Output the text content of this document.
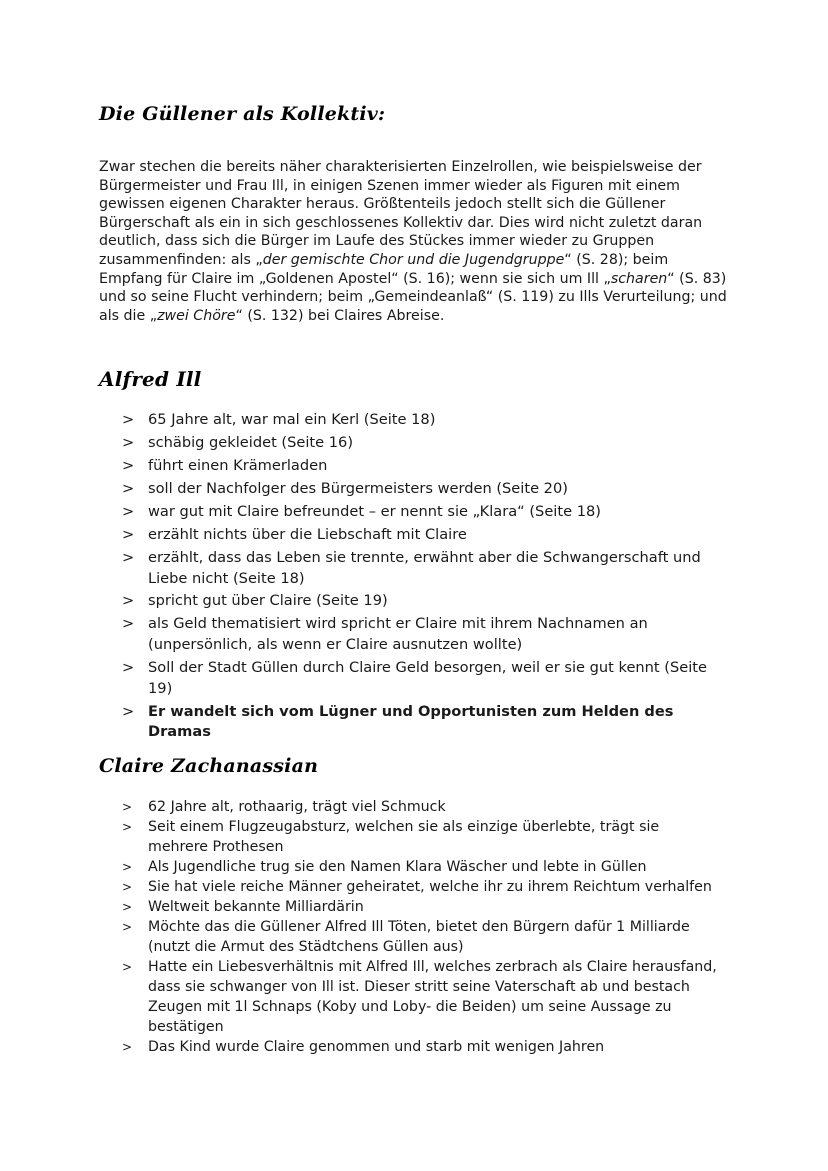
Die Güllener als Kollektiv:

Zwar stechen die bereits näher charakterisierten Einzelrollen, wie beispielsweise der Bürgermeister und Frau Ill, in einigen Szenen immer wieder als Figuren mit einem gewissen eigenen Charakter heraus. Größtenteils jedoch stellt sich die Güllener Bürgerschaft als ein in sich geschlossenes Kollektiv dar. Dies wird nicht zuletzt daran deutlich, dass sich die Bürger im Laufe des Stückes immer wieder zu Gruppen zusammenfinden: als „der gemischte Chor und die Jugendgruppe“ (S. 28); beim Empfang für Claire im „Goldenen Apostel“ (S. 16); wenn sie sich um Ill „scharen“ (S. 83) und so seine Flucht verhindern; beim „Gemeindeanlaß“ (S. 119) zu Ills Verurteilung; und als die „zwei Chöre“ (S. 132) bei Claires Abreise.

Alfred Ill
> 65 Jahre alt, war mal ein Kerl (Seite 18)
> schäbig gekleidet (Seite 16)
> führt einen Krämerladen
> soll der Nachfolger des Bürgermeisters werden (Seite 20)
> war gut mit Claire befreundet – er nennt sie „Klara“ (Seite 18)
> erzählt nichts über die Liebschaft mit Claire
> erzählt, dass das Leben sie trennte, erwähnt aber die Schwangerschaft und Liebe nicht (Seite 18)
> spricht gut über Claire (Seite 19)
> als Geld thematisiert wird spricht er Claire mit ihrem Nachnamen an (unpersönlich, als wenn er Claire ausnutzen wollte)
> Soll der Stadt Güllen durch Claire Geld besorgen, weil er sie gut kennt (Seite 19)
> Er wandelt sich vom Lügner und Opportunisten zum Helden des Dramas
Claire Zachanassian
> 62 Jahre alt, rothaarig, trägt viel Schmuck
> Seit einem Flugzeugabsturz, welchen sie als einzige überlebte, trägt sie mehrere Prothesen
> Als Jugendliche trug sie den Namen Klara Wäscher und lebte in Güllen
> Sie hat viele reiche Männer geheiratet, welche ihr zu ihrem Reichtum verhalfen
> Weltweit bekannte Milliardärin
> Möchte das die Güllener Alfred Ill Töten, bietet den Bürgern dafür 1 Milliarde (nutzt die Armut des Städtchens Güllen aus)
> Hatte ein Liebesverhältnis mit Alfred Ill, welches zerbrach als Claire herausfand, dass sie schwanger von Ill ist. Dieser stritt seine Vaterschaft ab und bestach Zeugen mit 1l Schnaps (Koby und Loby- die Beiden) um seine Aussage zu bestätigen
> Das Kind wurde Claire genommen und starb mit wenigen Jahren
